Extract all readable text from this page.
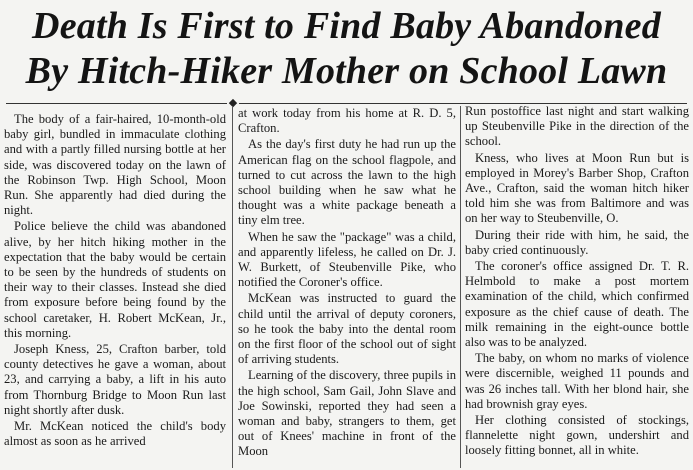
Death Is First to Find Baby Abandoned
By Hitch-Hiker Mother on School Lawn
◆

The body of a fair-haired, 10-month-old baby girl, bundled in immaculate clothing and with a partly filled nursing bottle at her side, was discovered today on the lawn of the Robinson Twp. High School, Moon Run. She apparently had died during the night.

Police believe the child was abandoned alive, by her hitch hiking mother in the expectation that the baby would be certain to be seen by the hundreds of students on their way to their classes. Instead she died from exposure before being found by the school caretaker, H. Robert McKean, Jr., this morning.

Joseph Kness, 25, Crafton barber, told county detectives he gave a woman, about 23, and carrying a baby, a lift in his auto from Thornburg Bridge to Moon Run last night shortly after dusk.

Mr. McKean noticed the child's body almost as soon as he arrived

at work today from his home at R. D. 5, Crafton.

As the day's first duty he had run up the American flag on the school flagpole, and turned to cut across the lawn to the high school building when he saw what he thought was a white package beneath a tiny elm tree.

When he saw the "package" was a child, and apparently lifeless, he called on Dr. J. W. Burkett, of Steubenville Pike, who notified the Coroner's office.

McKean was instructed to guard the child until the arrival of deputy coroners, so he took the baby into the dental room on the first floor of the school out of sight of arriving students.

Learning of the discovery, three pupils in the high school, Sam Gail, John Slave and Joe Sowinski, reported they had seen a woman and baby, strangers to them, get out of Knees' machine in front of the Moon

Run postoffice last night and start walking up Steubenville Pike in the direction of the school.

Kness, who lives at Moon Run but is employed in Morey's Barber Shop, Crafton Ave., Crafton, said the woman hitch hiker told him she was from Baltimore and was on her way to Steubenville, O.

During their ride with him, he said, the baby cried continuously.

The coroner's office assigned Dr. T. R. Helmbold to make a post mortem examination of the child, which confirmed exposure as the chief cause of death. The milk remaining in the eight-ounce bottle also was to be analyzed.

The baby, on whom no marks of violence were discernible, weighed 11 pounds and was 26 inches tall. With her blond hair, she had brownish gray eyes.

Her clothing consisted of stockings, flannelette night gown, undershirt and loosely fitting bonnet, all in white.
